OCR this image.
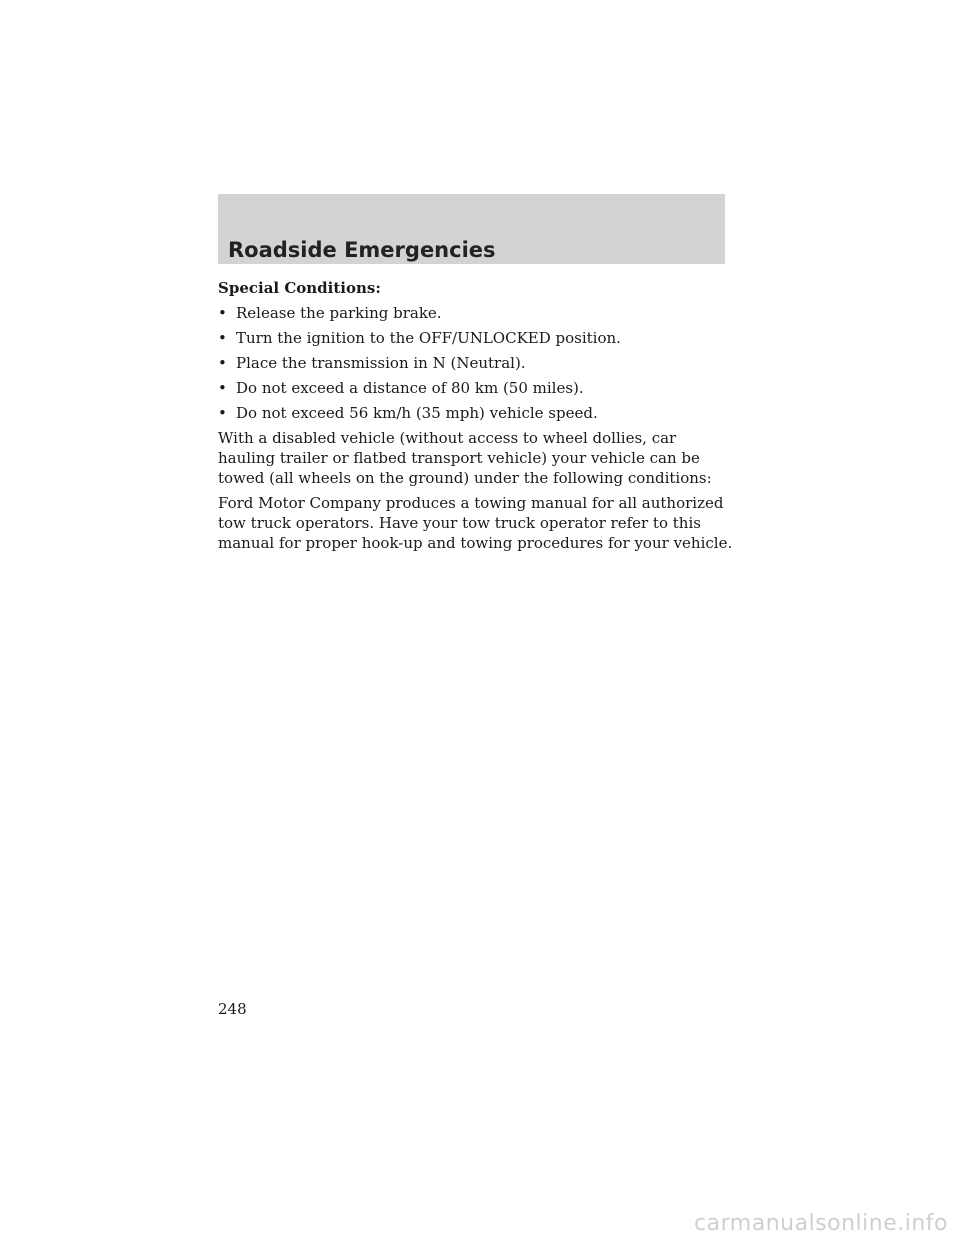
Roadside Emergencies

Special Conditions:

• Release the parking brake.
• Turn the ignition to the OFF/UNLOCKED position.
• Place the transmission in N (Neutral).
• Do not exceed a distance of 80 km (50 miles).
• Do not exceed 56 km/h (35 mph) vehicle speed.

With a disabled vehicle (without access to wheel dollies, car hauling trailer or flatbed transport vehicle) your vehicle can be towed (all wheels on the ground) under the following conditions:

Ford Motor Company produces a towing manual for all authorized tow truck operators. Have your tow truck operator refer to this manual for proper hook-up and towing procedures for your vehicle.

248
carmanualsonline.info
